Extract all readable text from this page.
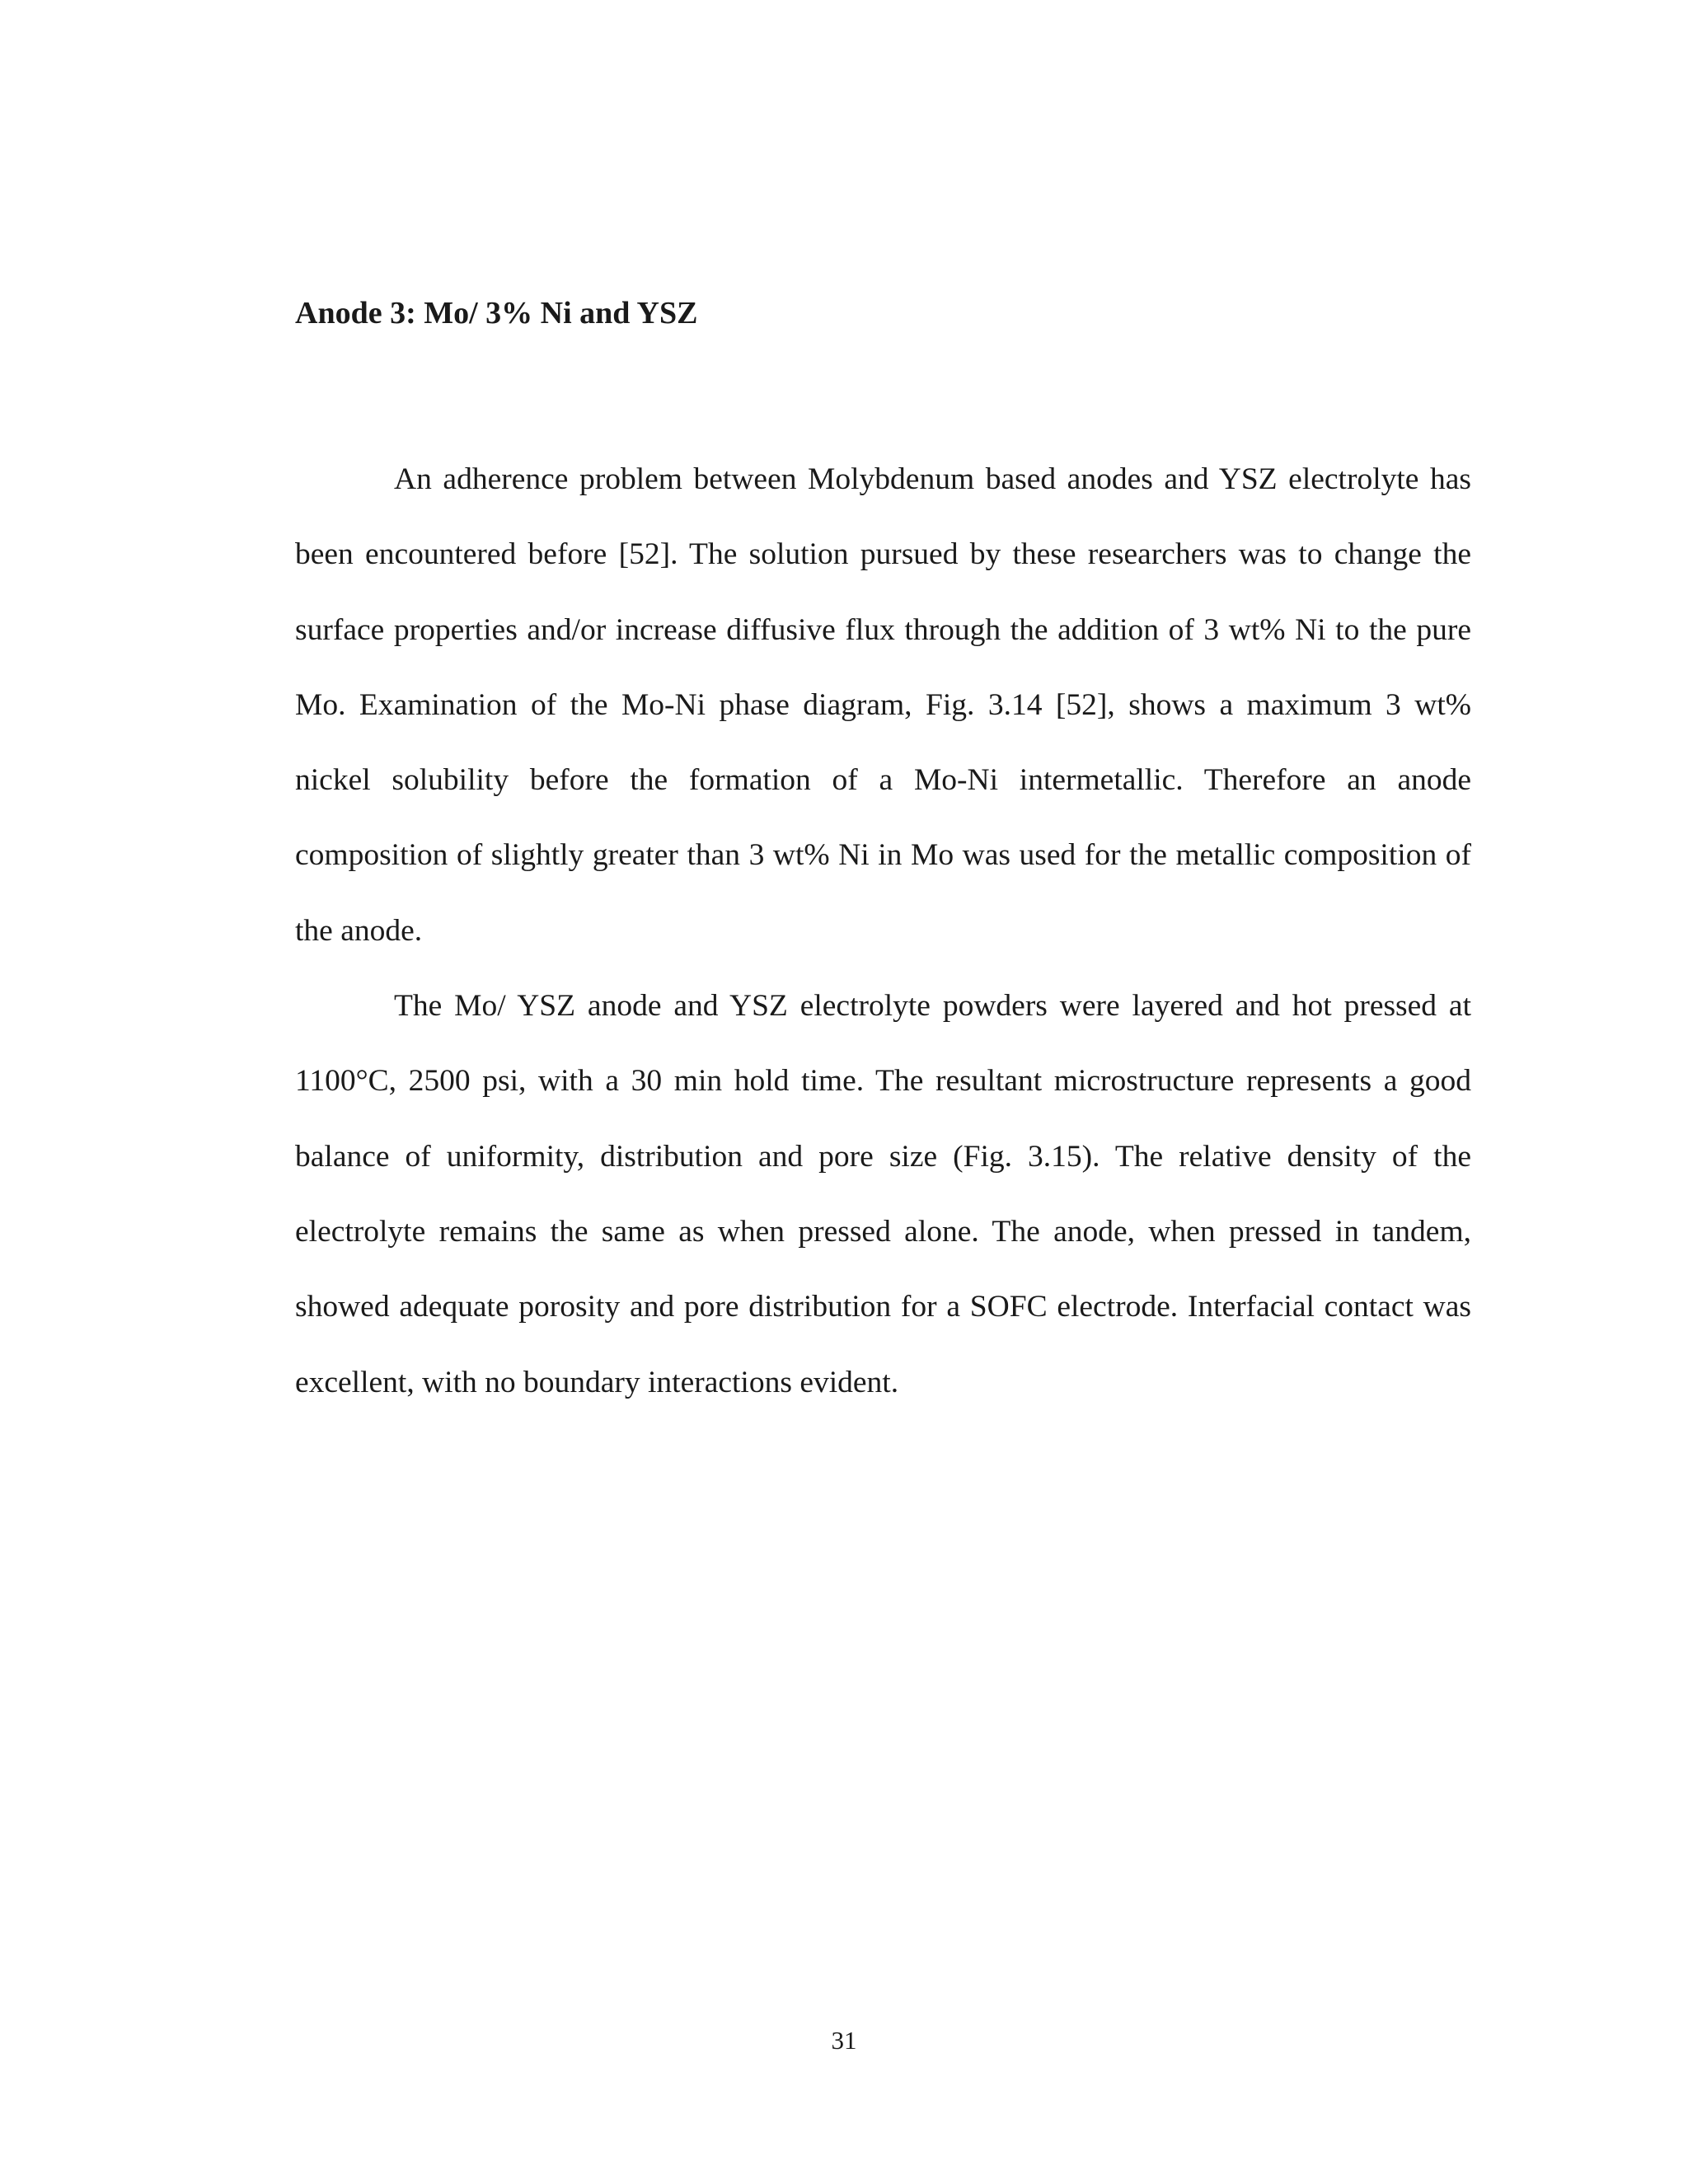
Anode 3: Mo/ 3% Ni and YSZ

An adherence problem between Molybdenum based anodes and YSZ electrolyte has been encountered before [52]. The solution pursued by these researchers was to change the surface properties and/or increase diffusive flux through the addition of 3 wt% Ni to the pure Mo. Examination of the Mo-Ni phase diagram, Fig. 3.14 [52], shows a maximum 3 wt% nickel solubility before the formation of a Mo-Ni intermetallic. Therefore an anode composition of slightly greater than 3 wt% Ni in Mo was used for the metallic composition of the anode.

The Mo/ YSZ anode and YSZ electrolyte powders were layered and hot pressed at 1100°C, 2500 psi, with a 30 min hold time. The resultant microstructure represents a good balance of uniformity, distribution and pore size (Fig. 3.15). The relative density of the electrolyte remains the same as when pressed alone. The anode, when pressed in tandem, showed adequate porosity and pore distribution for a SOFC electrode. Interfacial contact was excellent, with no boundary interactions evident.

31
